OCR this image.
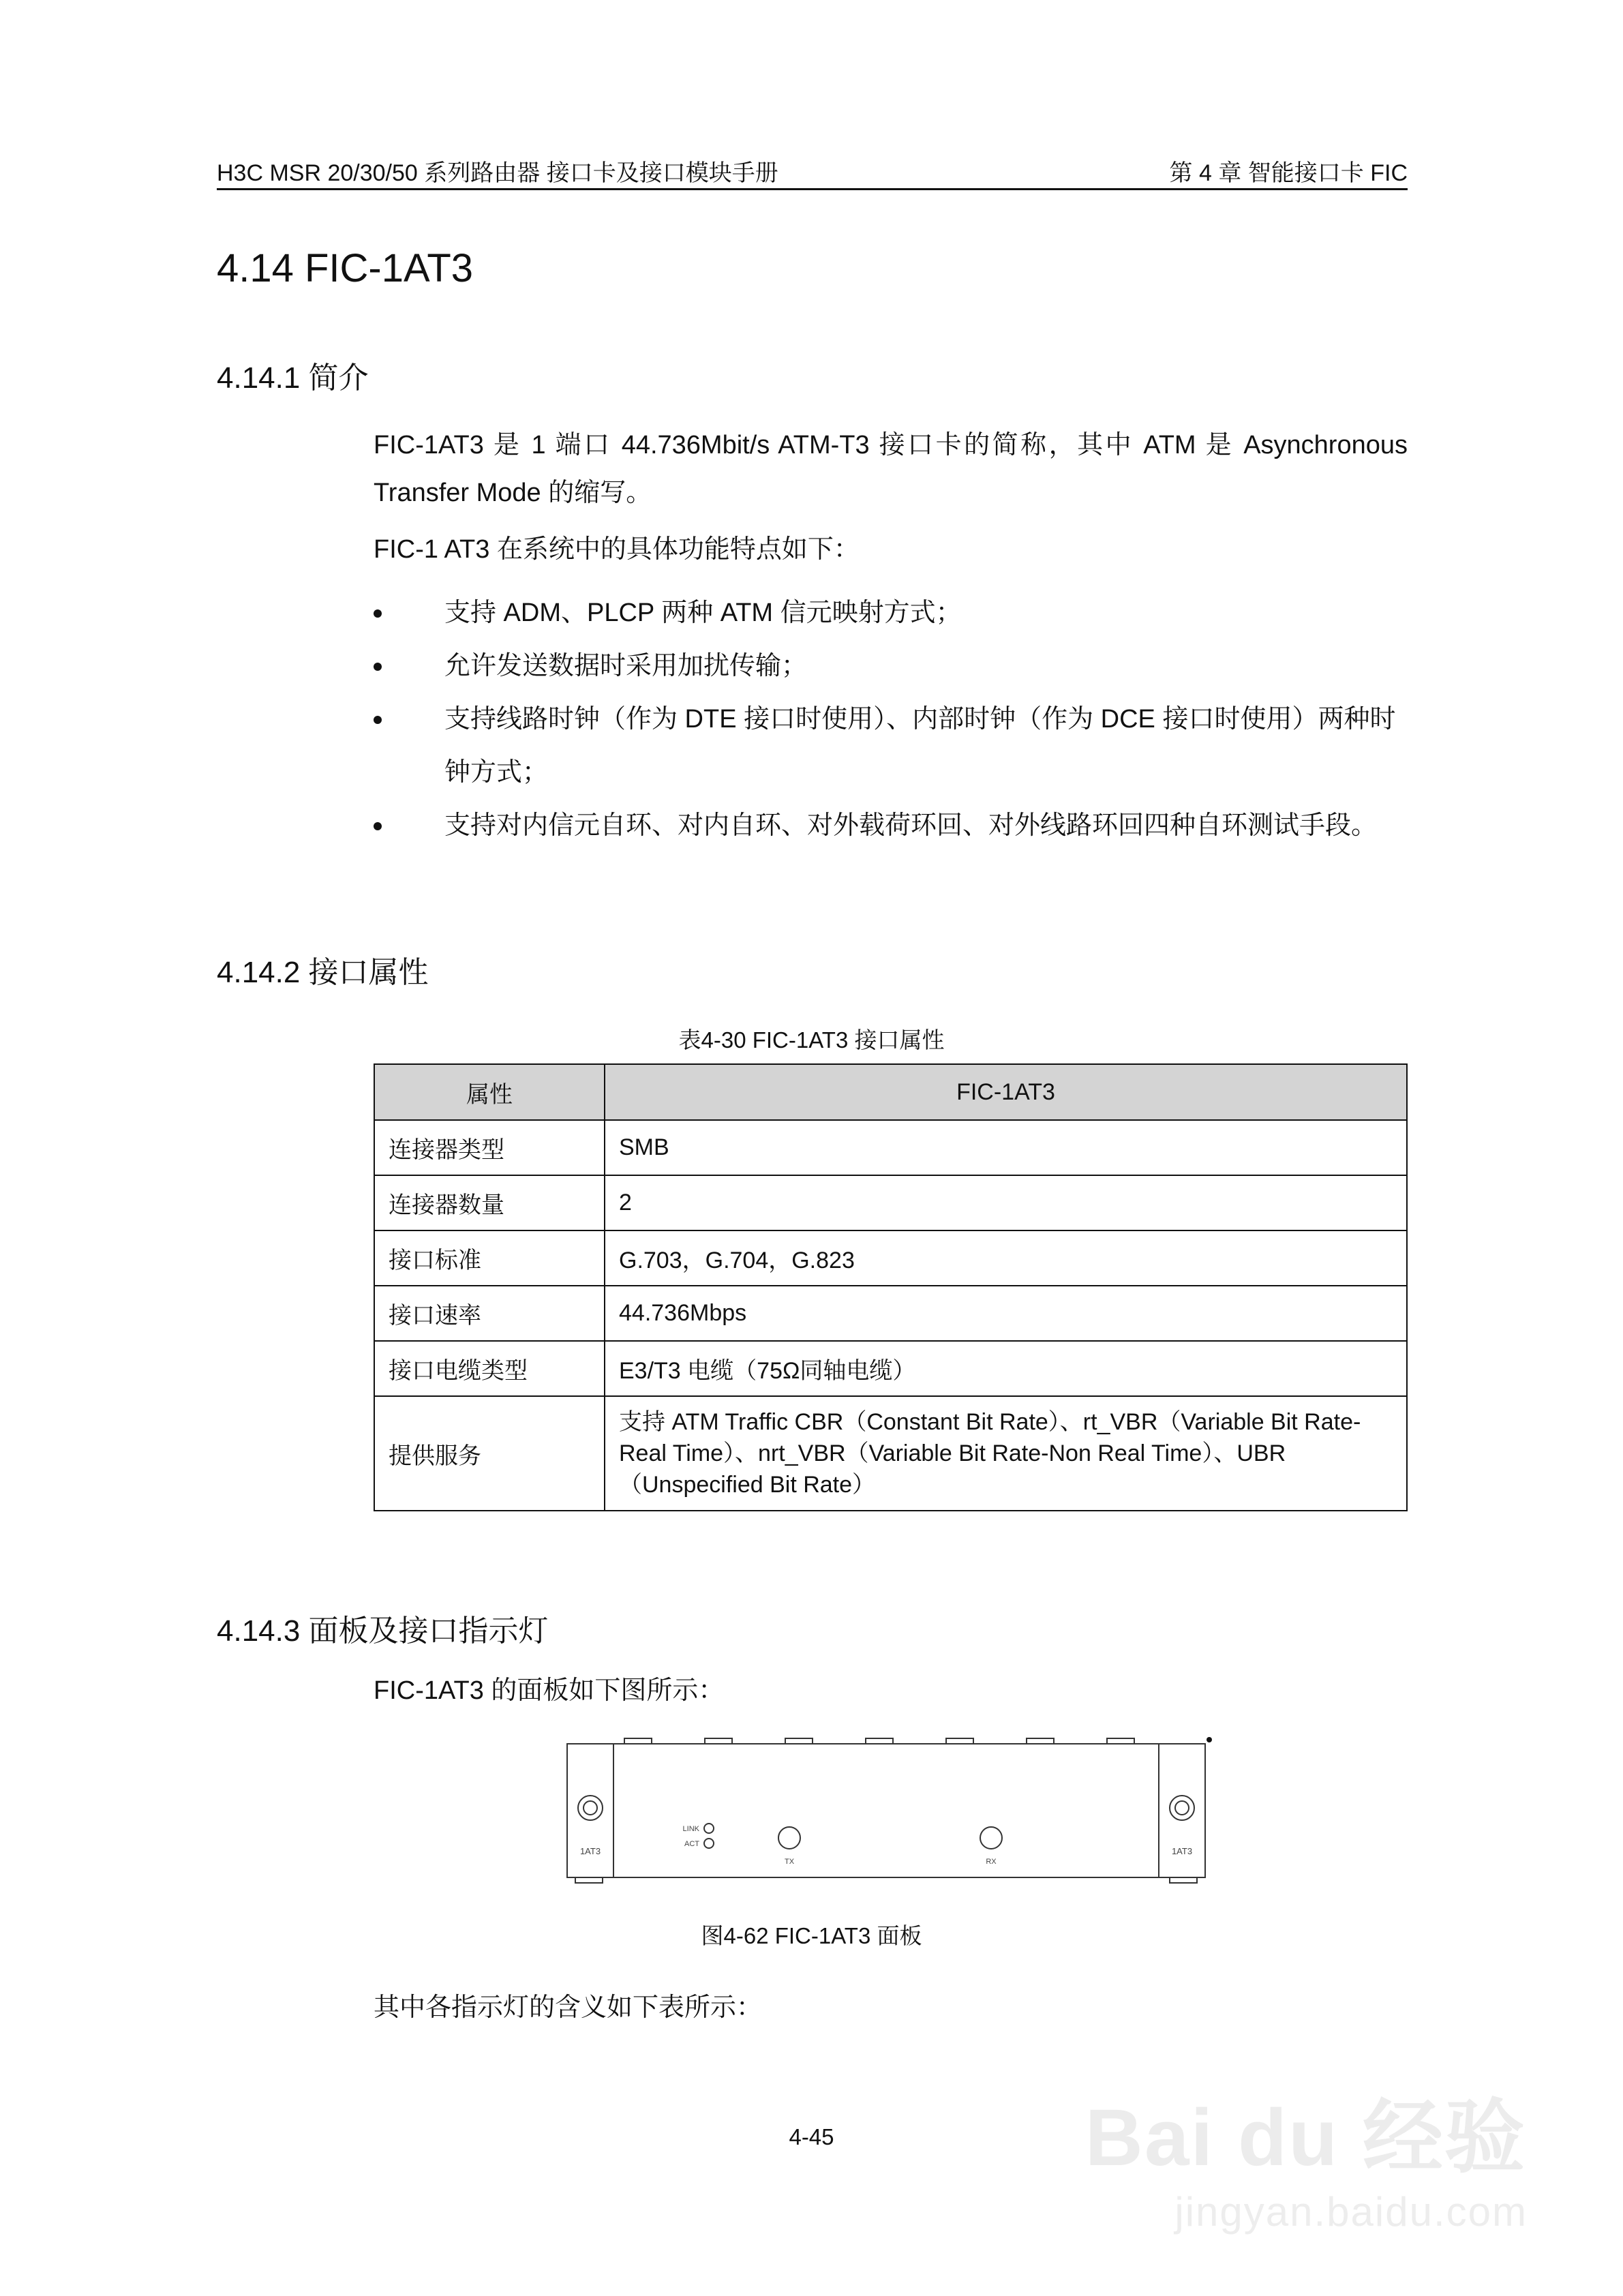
H3C MSR 20/30/50 系列路由器 接口卡及接口模块手册	第 4 章 智能接口卡 FIC
4.14 FIC-1AT3
4.14.1 简介

FIC-1AT3 是 1 端口 44.736Mbit/s ATM-T3 接口卡的简称，其中 ATM 是 Asynchronous Transfer Mode 的缩写。

FIC-1 AT3 在系统中的具体功能特点如下：

支持 ADM、PLCP 两种 ATM 信元映射方式；
允许发送数据时采用加扰传输；
支持线路时钟（作为 DTE 接口时使用）、内部时钟（作为 DCE 接口时使用）两种时钟方式；
支持对内信元自环、对内自环、对外载荷环回、对外线路环回四种自环测试手段。
4.14.2 接口属性
表4-30 FIC-1AT3 接口属性
属性	FIC-1AT3
连接器类型	SMB
连接器数量	2
接口标准	G.703，G.704，G.823
接口速率	44.736Mbps
接口电缆类型	E3/T3 电缆（75Ω同轴电缆）
提供服务	支持 ATM Traffic CBR（Constant Bit Rate）、rt_VBR（Variable Bit Rate-Real Time）、nrt_VBR（Variable Bit Rate-Non Real Time）、UBR（Unspecified Bit Rate）
4.14.3 面板及接口指示灯

FIC-1AT3 的面板如下图所示：

1AT3	1AT3
LINK
ACT
TX	RX
图4-62 FIC-1AT3 面板

其中各指示灯的含义如下表所示：

4-45	Bai du 经验
jingyan.baidu.com
